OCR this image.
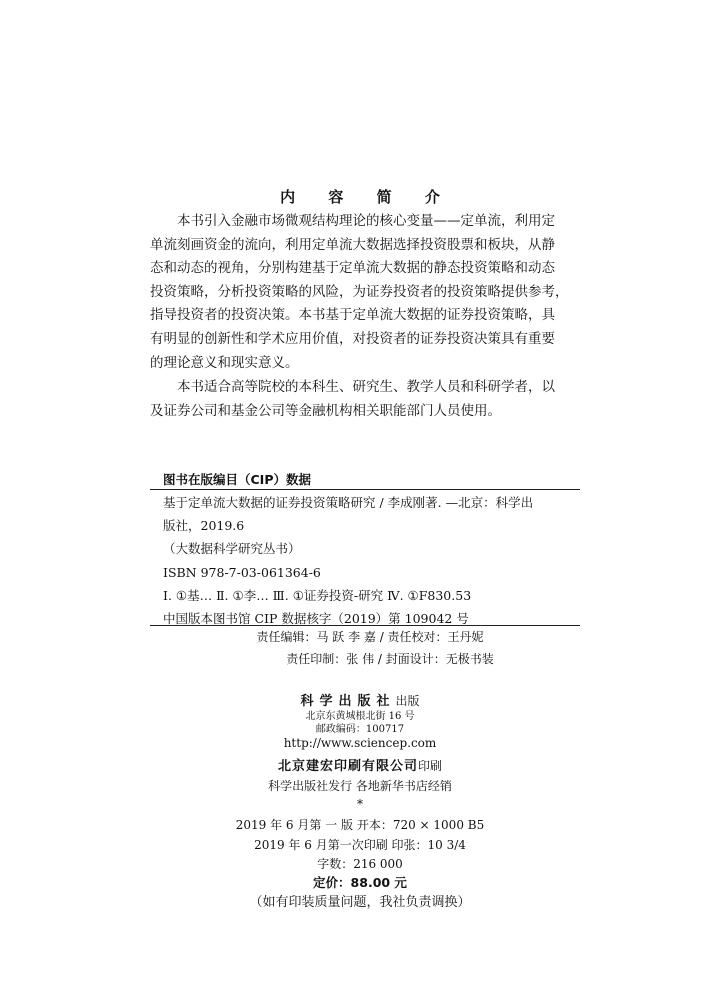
内 容 简 介
本书引入金融市场微观结构理论的核心变量——定单流，利用定
单流刻画资金的流向，利用定单流大数据选择投资股票和板块，从静
态和动态的视角，分别构建基于定单流大数据的静态投资策略和动态
投资策略，分析投资策略的风险，为证券投资者的投资策略提供参考，
指导投资者的投资决策。本书基于定单流大数据的证券投资策略，具
有明显的创新性和学术应用价值，对投资者的证券投资决策具有重要
的理论意义和现实意义。
本书适合高等院校的本科生、研究生、教学人员和科研学者，以
及证券公司和基金公司等金融机构相关职能部门人员使用。
图书在版编目（CIP）数据
基于定单流大数据的证券投资策略研究 / 李成刚著. —北京：科学出
版社，2019.6
（大数据科学研究丛书）
ISBN 978-7-03-061364-6
Ⅰ. ①基… Ⅱ. ①李… Ⅲ. ①证券投资-研究 Ⅳ. ①F830.53
中国版本图书馆 CIP 数据核字（2019）第 109042 号
责任编辑：马 跃 李 嘉 / 责任校对：王丹妮
责任印制：张 伟 / 封面设计：无极书装
科学出版社出版
北京东黄城根北街 16 号
邮政编码：100717
http://www.sciencep.com
北京建宏印刷有限公司印刷
科学出版社发行 各地新华书店经销
*
2019 年 6 月第 一 版 开本：720 × 1000 B5
2019 年 6 月第一次印刷 印张：10 3/4
字数：216 000
定价：88.00 元
（如有印装质量问题，我社负责调换）
